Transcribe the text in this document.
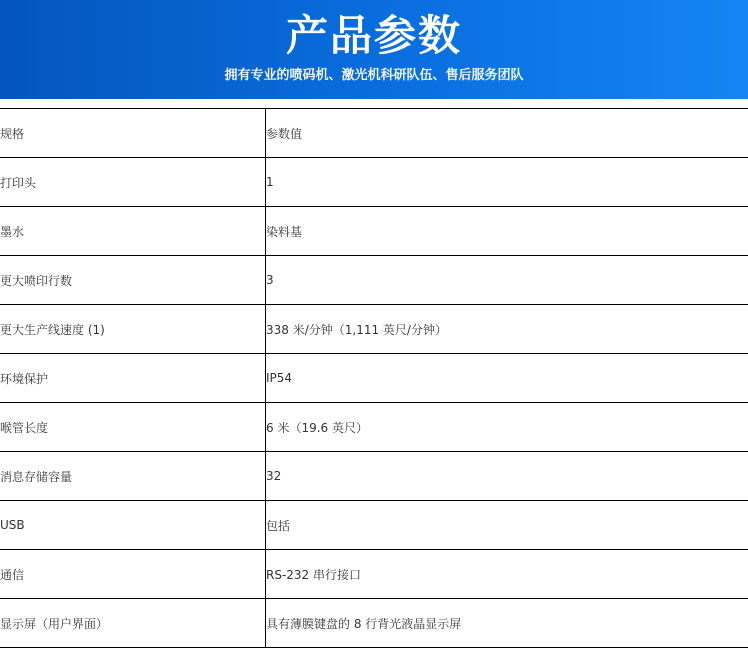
产品参数
拥有专业的喷码机、激光机科研队伍、售后服务团队
规格	参数值
打印头	1
墨水	染料基
更大喷印行数	3
更大生产线速度 (1)	338 米/分钟（1,111 英尺/分钟）
环境保护	IP54
喉管长度	6 米（19.6 英尺）
消息存储容量	32
USB	包括
通信	RS-232 串行接口
显示屏（用户界面）	具有薄膜键盘的 8 行背光液晶显示屏
